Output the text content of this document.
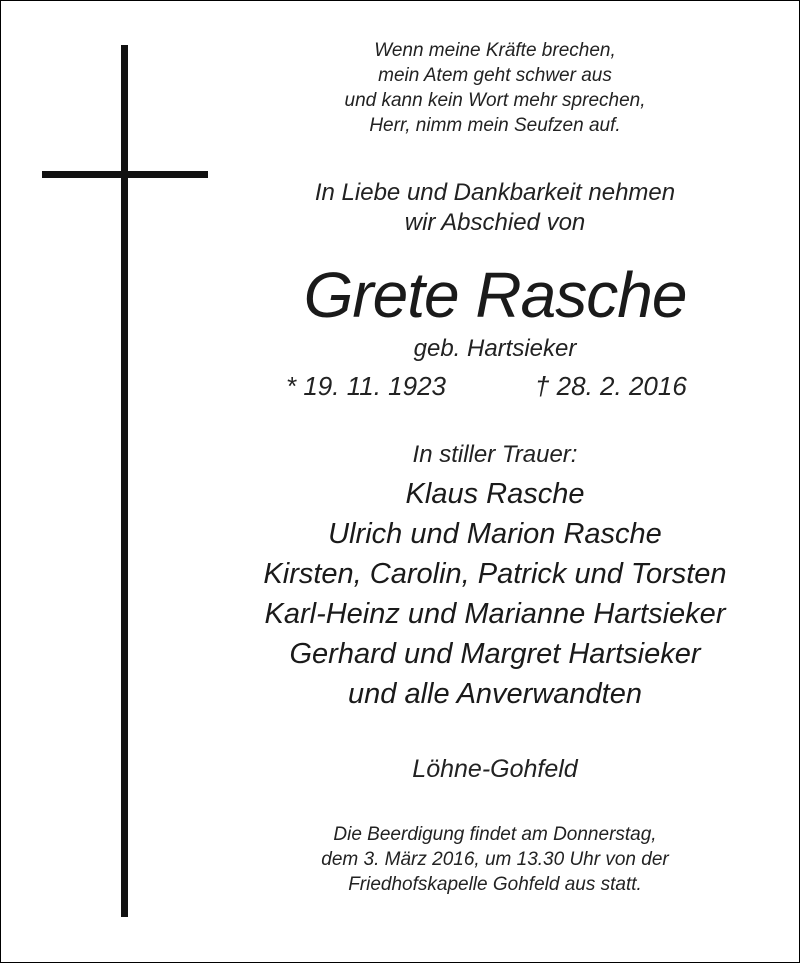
Wenn meine Kräfte brechen,
mein Atem geht schwer aus
und kann kein Wort mehr sprechen,
Herr, nimm mein Seufzen auf.
In Liebe und Dankbarkeit nehmen
wir Abschied von
Grete Rasche
geb. Hartsieker
* 19. 11. 1923	† 28. 2. 2016
In stiller Trauer:
Klaus Rasche
Ulrich und Marion Rasche
Kirsten, Carolin, Patrick und Torsten
Karl-Heinz und Marianne Hartsieker
Gerhard und Margret Hartsieker
und alle Anverwandten
Löhne-Gohfeld
Die Beerdigung findet am Donnerstag,
dem 3. März 2016, um 13.30 Uhr von der
Friedhofskapelle Gohfeld aus statt.
